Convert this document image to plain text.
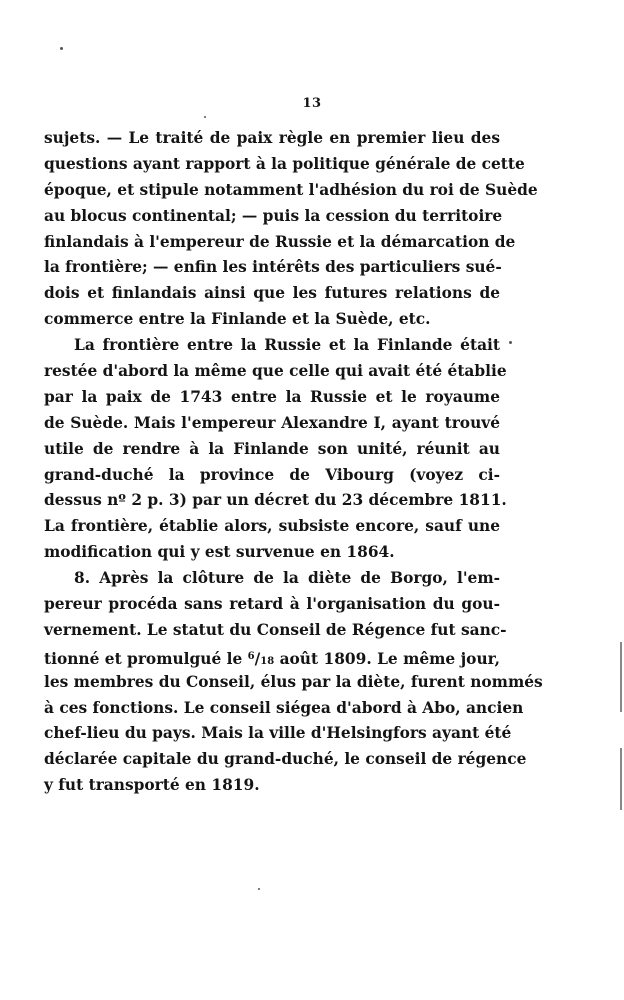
13
sujets. — Le traité de paix règle en premier lieu des
questions ayant rapport à la politique générale de cette
époque, et stipule notamment l'adhésion du roi de Suède
au blocus continental; — puis la cession du territoire
finlandais à l'empereur de Russie et la démarcation de
la frontière; — enfin les intérêts des particuliers sué-
dois et finlandais ainsi que les futures relations de
commerce entre la Finlande et la Suède, etc.
La frontière entre la Russie et la Finlande était
restée d'abord la même que celle qui avait été établie
par la paix de 1743 entre la Russie et le royaume
de Suède. Mais l'empereur Alexandre I, ayant trouvé
utile de rendre à la Finlande son unité, réunit au
grand-duché la province de Vibourg (voyez ci-
dessus nº 2 p. 3) par un décret du 23 décembre 1811.
La frontière, établie alors, subsiste encore, sauf une
modification qui y est survenue en 1864.
8. Après la clôture de la diète de Borgo, l'em-
pereur procéda sans retard à l'organisation du gou-
vernement. Le statut du Conseil de Régence fut sanc-
tionné et promulgué le $^6$/18 août 1809. Le même jour,
les membres du Conseil, élus par la diète, furent nommés
à ces fonctions. Le conseil siégea d'abord à Abo, ancien
chef-lieu du pays. Mais la ville d'Helsingfors ayant été
déclarée capitale du grand-duché, le conseil de régence
y fut transporté en 1819.
